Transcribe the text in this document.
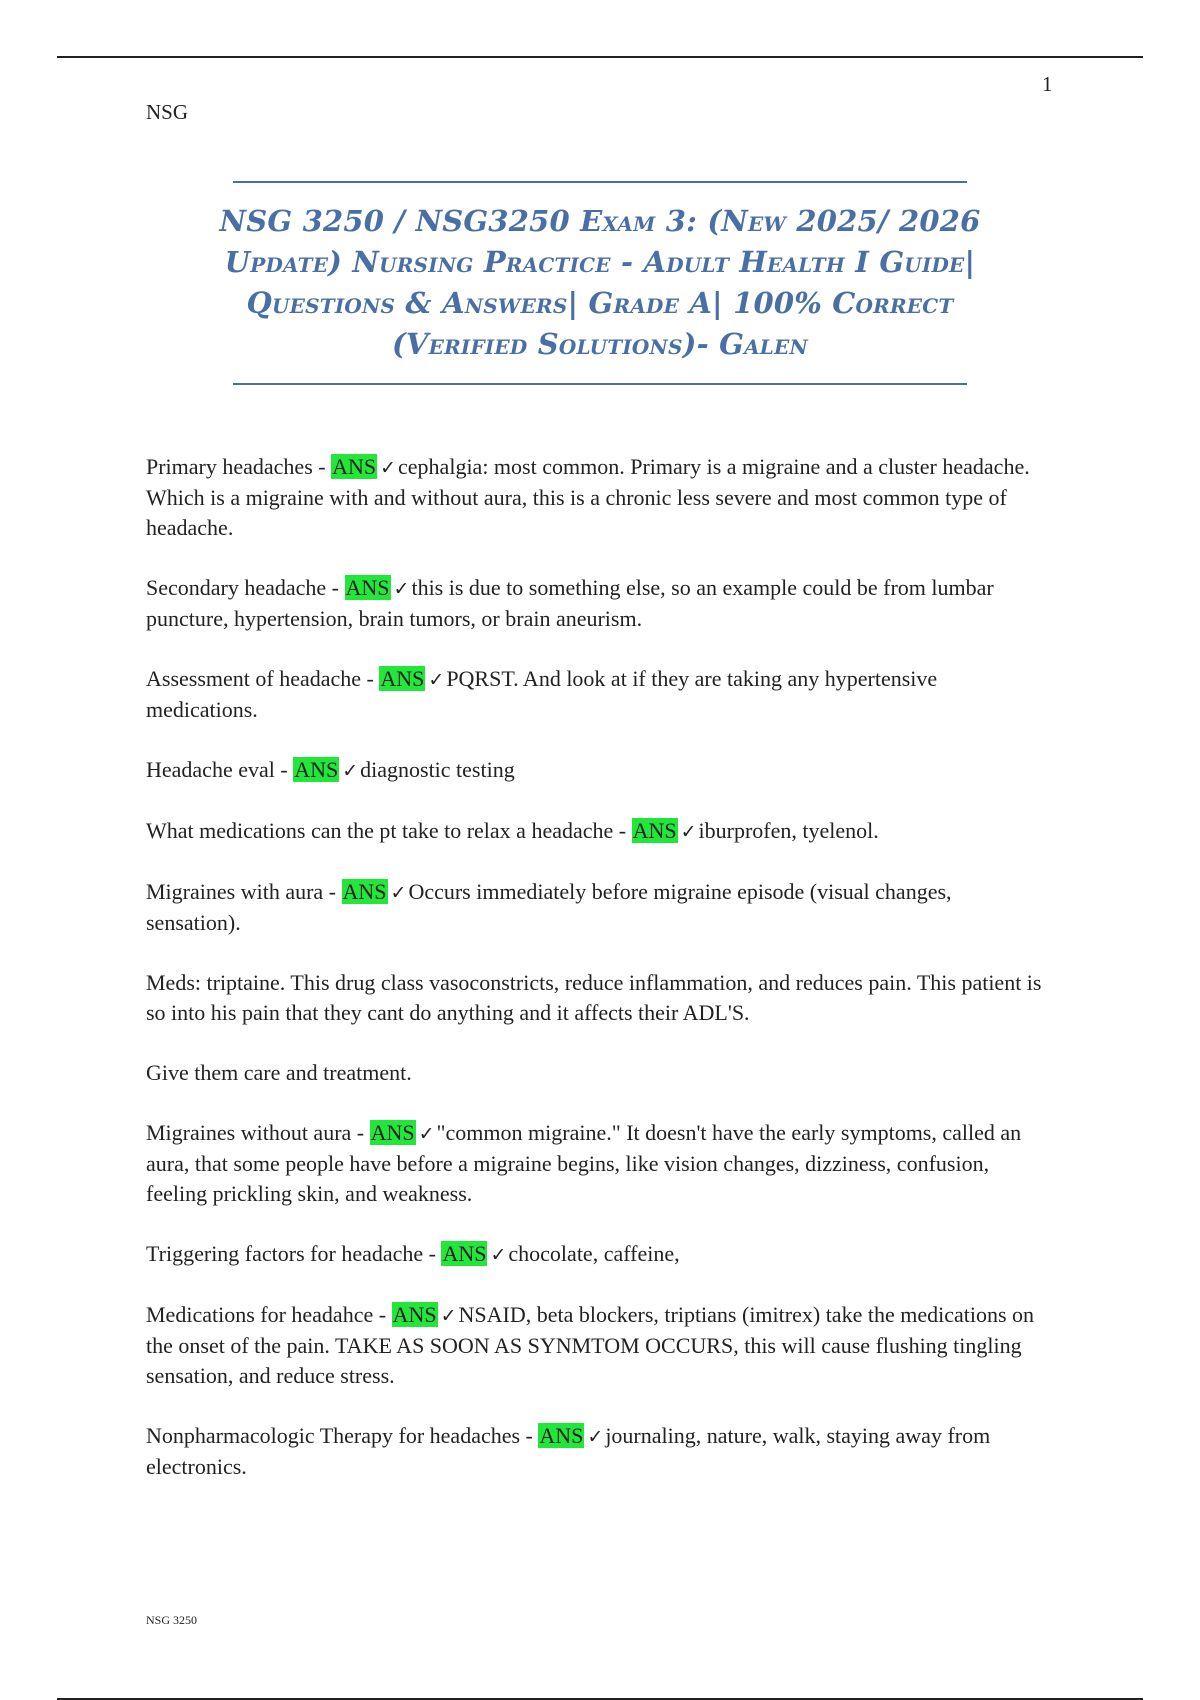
1
NSG
NSG 3250 / NSG3250 Exam 3: (New 2025/ 2026
Update) Nursing Practice - Adult Health I Guide|
Questions & Answers| Grade A| 100% Correct
(Verified Solutions)- Galen

Primary headaches - ANS ✓cephalgia: most common. Primary is a migraine and a cluster headache. Which is a migraine with and without aura, this is a chronic less severe and most common type of headache.

Secondary headache - ANS ✓this is due to something else, so an example could be from lumbar puncture, hypertension, brain tumors, or brain aneurism.

Assessment of headache - ANS ✓PQRST. And look at if they are taking any hypertensive medications.

Headache eval - ANS ✓diagnostic testing

What medications can the pt take to relax a headache - ANS ✓iburprofen, tyelenol.

Migraines with aura - ANS ✓Occurs immediately before migraine episode (visual changes, sensation).

Meds: triptaine. This drug class vasoconstricts, reduce inflammation, and reduces pain. This patient is so into his pain that they cant do anything and it affects their ADL'S.

Give them care and treatment.

Migraines without aura - ANS ✓"common migraine." It doesn't have the early symptoms, called an aura, that some people have before a migraine begins, like vision changes, dizziness, confusion, feeling prickling skin, and weakness.

Triggering factors for headache - ANS ✓chocolate, caffeine,

Medications for headahce - ANS ✓NSAID, beta blockers, triptians (imitrex) take the medications on the onset of the pain. TAKE AS SOON AS SYNMTOM OCCURS, this will cause flushing tingling sensation, and reduce stress.

Nonpharmacologic Therapy for headaches - ANS ✓journaling, nature, walk, staying away from electronics.

NSG 3250
